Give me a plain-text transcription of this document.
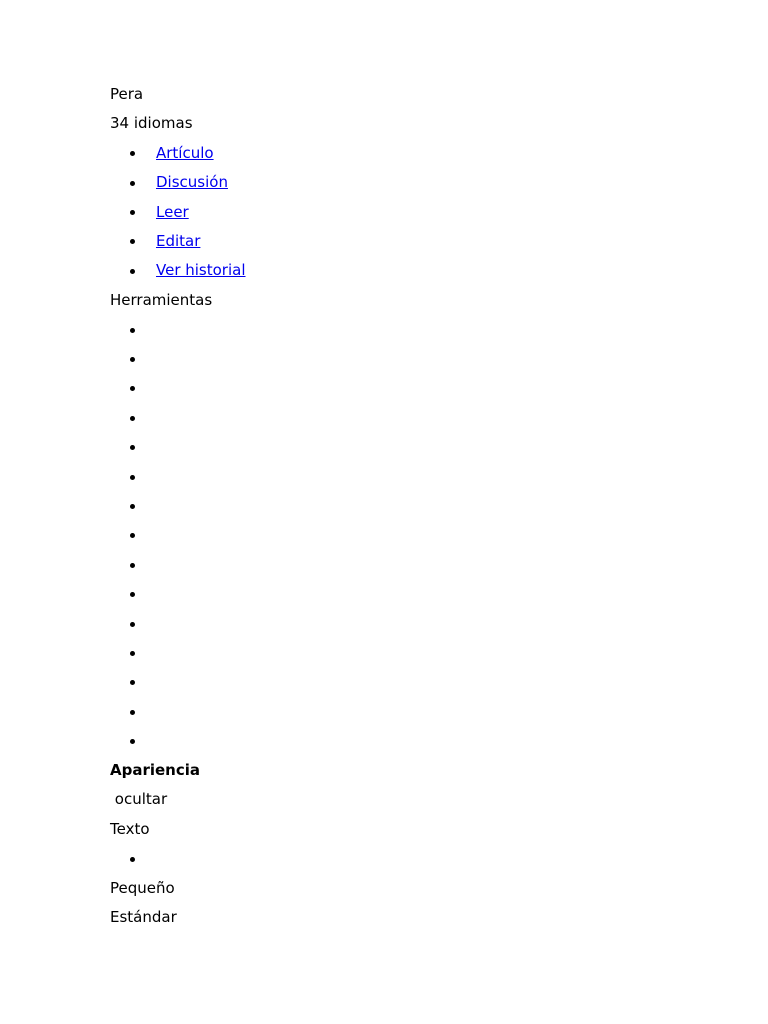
Pera
34 idiomas
Artículo
Discusión
Leer
Editar
Ver historial
Herramientas
Apariencia
ocultar
Texto
Pequeño
Estándar
